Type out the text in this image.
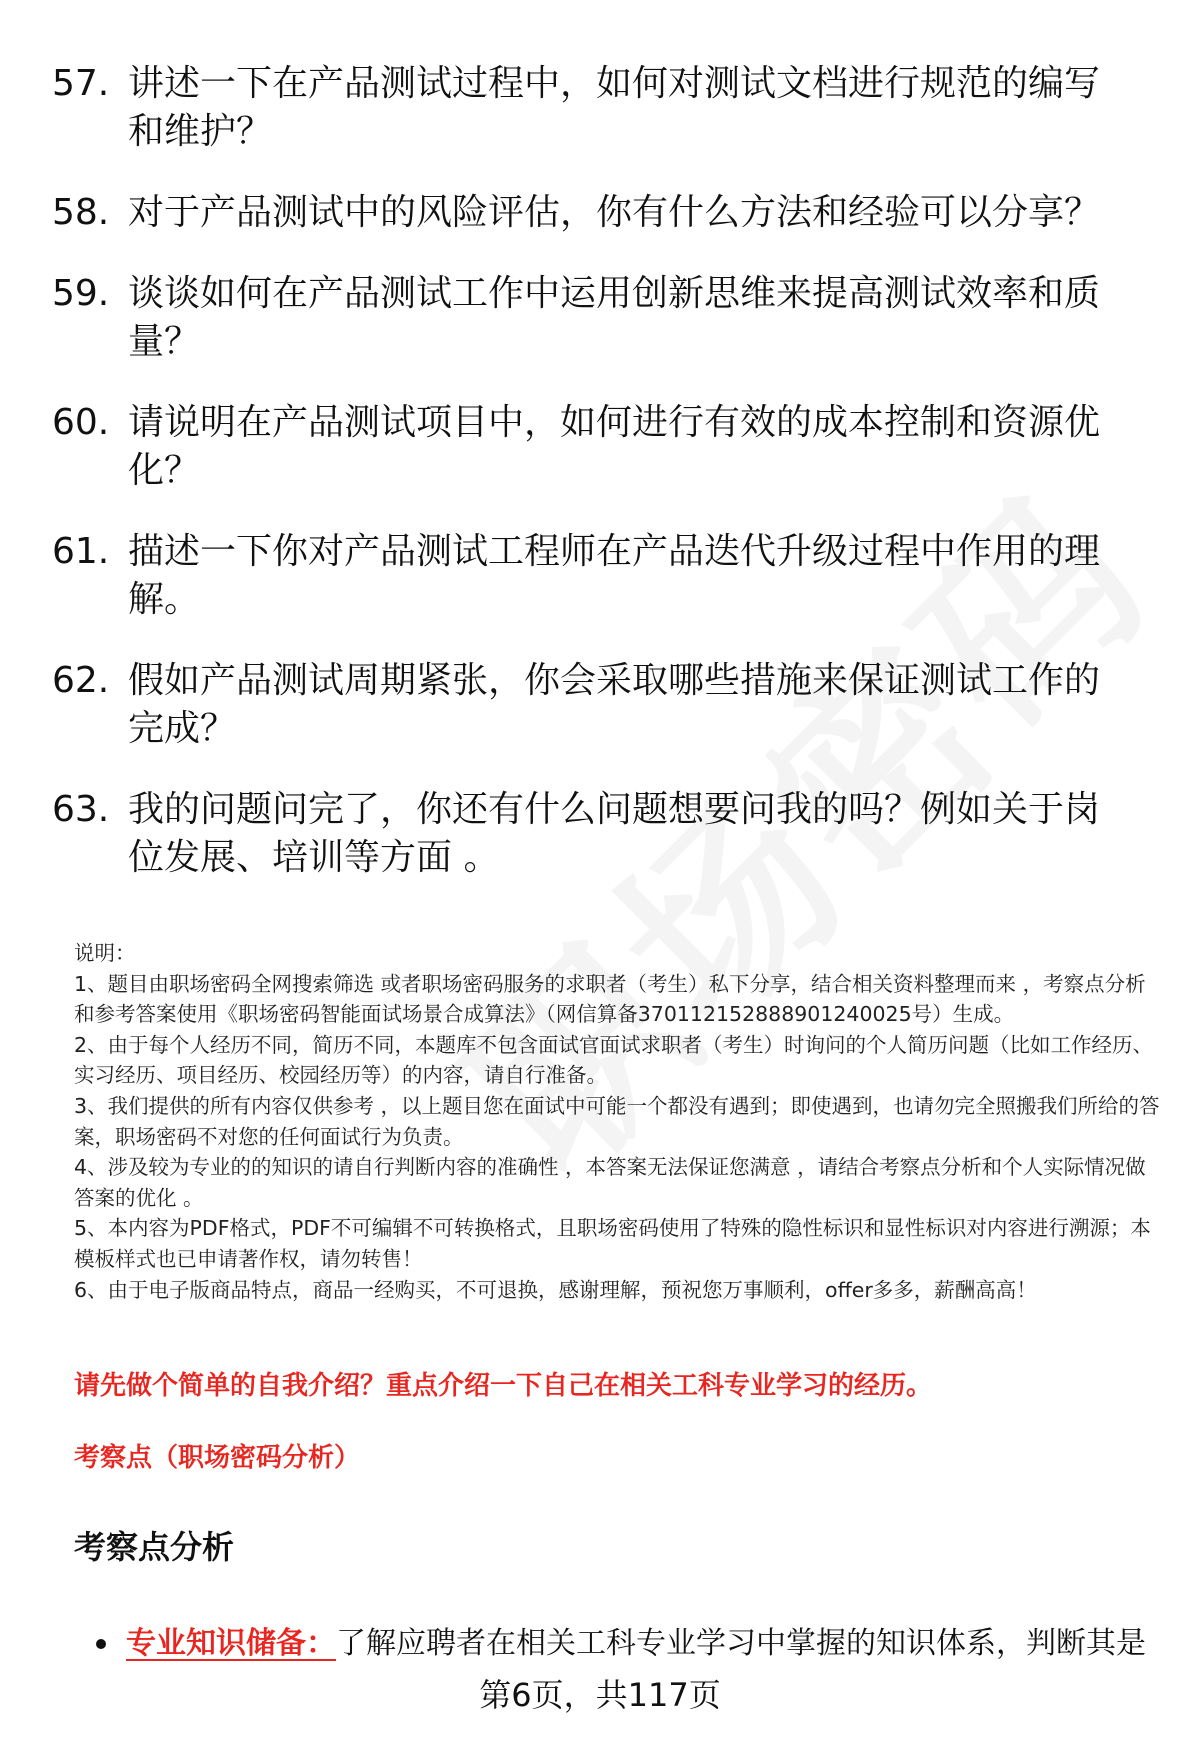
57. 讲述一下在产品测试过程中，如何对测试文档进行规范的编写和维护？
58. 对于产品测试中的风险评估，你有什么方法和经验可以分享？
59. 谈谈如何在产品测试工作中运用创新思维来提高测试效率和质量？
60. 请说明在产品测试项目中，如何进行有效的成本控制和资源优化？
61. 描述一下你对产品测试工程师在产品迭代升级过程中作用的理解。
62. 假如产品测试周期紧张，你会采取哪些措施来保证测试工作的完成？
63. 我的问题问完了，你还有什么问题想要问我的吗？例如关于岗位发展、培训等方面 。

说明：

1、题目由职场密码全网搜索筛选 或者职场密码服务的求职者（考生）私下分享，结合相关资料整理而来 ，考察点分析和参考答案使用《职场密码智能面试场景合成算法》（网信算备370112152888901240025号）生成。

2、由于每个人经历不同，简历不同，本题库不包含面试官面试求职者（考生）时询问的个人简历问题（比如工作经历、实习经历、项目经历、校园经历等）的内容，请自行准备。

3、我们提供的所有内容仅供参考 ，以上题目您在面试中可能一个都没有遇到；即使遇到，也请勿完全照搬我们所给的答案，职场密码不对您的任何面试行为负责。

4、涉及较为专业的的知识的请自行判断内容的准确性 ，本答案无法保证您满意 ，请结合考察点分析和个人实际情况做答案的优化 。

5、本内容为PDF格式，PDF不可编辑不可转换格式，且职场密码使用了特殊的隐性标识和显性标识对内容进行溯源；本模板样式也已申请著作权，请勿转售！

6、由于电子版商品特点，商品一经购买，不可退换，感谢理解，预祝您万事顺利，offer多多，薪酬高高！

请先做个简单的自我介绍？重点介绍一下自己在相关工科专业学习的经历。
考察点（职场密码分析）
考察点分析
专业知识储备： 了解应聘者在相关工科专业学习中掌握的知识体系，判断其是
第6页，共117页
